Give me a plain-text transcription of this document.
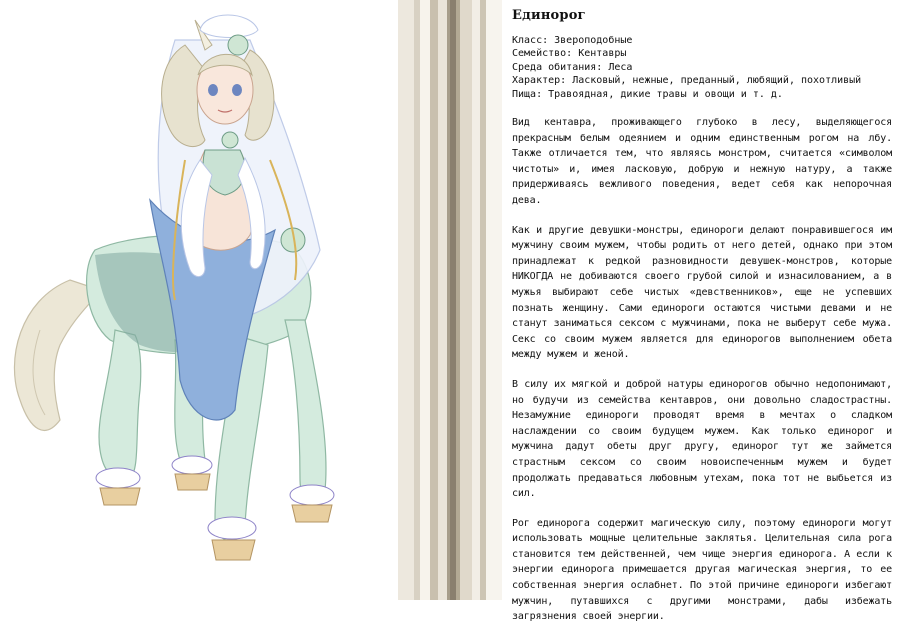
Единорог

Класс: Звероподобные

Семейство: Кентавры

Среда обитания: Леса

Характер: Ласковый, нежные, преданный, любящий, похотливый

Пища: Травоядная, дикие травы и овощи и т. д.

Вид кентавра, проживающего глубоко в лесу, выделяющегося прекрасным белым одеянием и одним единственным рогом на лбу. Также отличается тем, что являясь монстром, считается «символом чистоты» и, имея ласковую, добрую и нежную натуру, а также придерживаясь вежливого поведения, ведет себя как непорочная дева.

Как и другие девушки-монстры, единороги делают понравившегося им мужчину своим мужем, чтобы родить от него детей, однако при этом принадлежат к редкой разновидности девушек-монстров, которые НИКОГДА не добиваются своего грубой силой и изнасилованием, а в мужья выбирают себе чистых «девственников», еще не успевших познать женщину. Сами единороги остаются чистыми девами и не станут заниматься сексом с мужчинами, пока не выберут себе мужа. Секс со своим мужем является для единорогов выполнением обета между мужем и женой.

В силу их мягкой и доброй натуры единорогов обычно недопонимают, но будучи из семейства кентавров, они довольно сладострастны. Незамужние единороги проводят время в мечтах о сладком наслаждении со своим будущем мужем. Как только единорог и мужчина дадут обеты друг другу, единорог тут же займется страстным сексом со своим новоиспеченным мужем и будет продолжать предаваться любовным утехам, пока тот не выбьется из сил.

Рог единорога содержит магическую силу, поэтому единороги могут использовать мощные целительные заклятья. Целительная сила рога становится тем действенней, чем чище энергия единорога. А если к энергии единорога примешается другая магическая энергия, то ее собственная энергия ослабнет. По этой причине единороги избегают мужчин, путавшихся с другими монстрами, дабы избежать загрязнения своей энергии.
